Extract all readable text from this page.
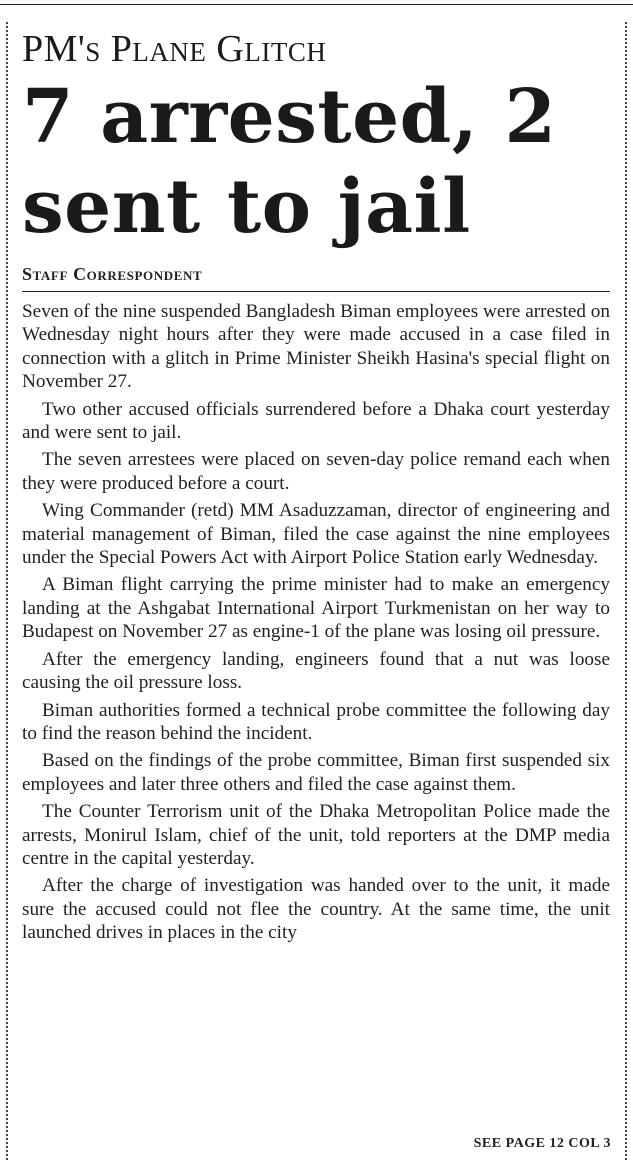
PM's Plane Glitch
7 arrested, 2 sent to jail
Staff Correspondent

Seven of the nine suspended Bangladesh Biman employees were arrested on Wednesday night hours after they were made accused in a case filed in connection with a glitch in Prime Minister Sheikh Hasina's special flight on November 27.

Two other accused officials surrendered before a Dhaka court yesterday and were sent to jail.

The seven arrestees were placed on seven-day police remand each when they were produced before a court.

Wing Commander (retd) MM Asaduzzaman, director of engineering and material management of Biman, filed the case against the nine employees under the Special Powers Act with Airport Police Station early Wednesday.

A Biman flight carrying the prime minister had to make an emergency landing at the Ashgabat International Airport Turkmenistan on her way to Budapest on November 27 as engine-1 of the plane was losing oil pressure.

After the emergency landing, engineers found that a nut was loose causing the oil pressure loss.

Biman authorities formed a technical probe committee the following day to find the reason behind the incident.

Based on the findings of the probe committee, Biman first suspended six employees and later three others and filed the case against them.

The Counter Terrorism unit of the Dhaka Metropolitan Police made the arrests, Monirul Islam, chief of the unit, told reporters at the DMP media centre in the capital yesterday.

After the charge of investigation was handed over to the unit, it made sure the accused could not flee the country. At the same time, the unit launched drives in places in the city

SEE PAGE 12 COL 3
